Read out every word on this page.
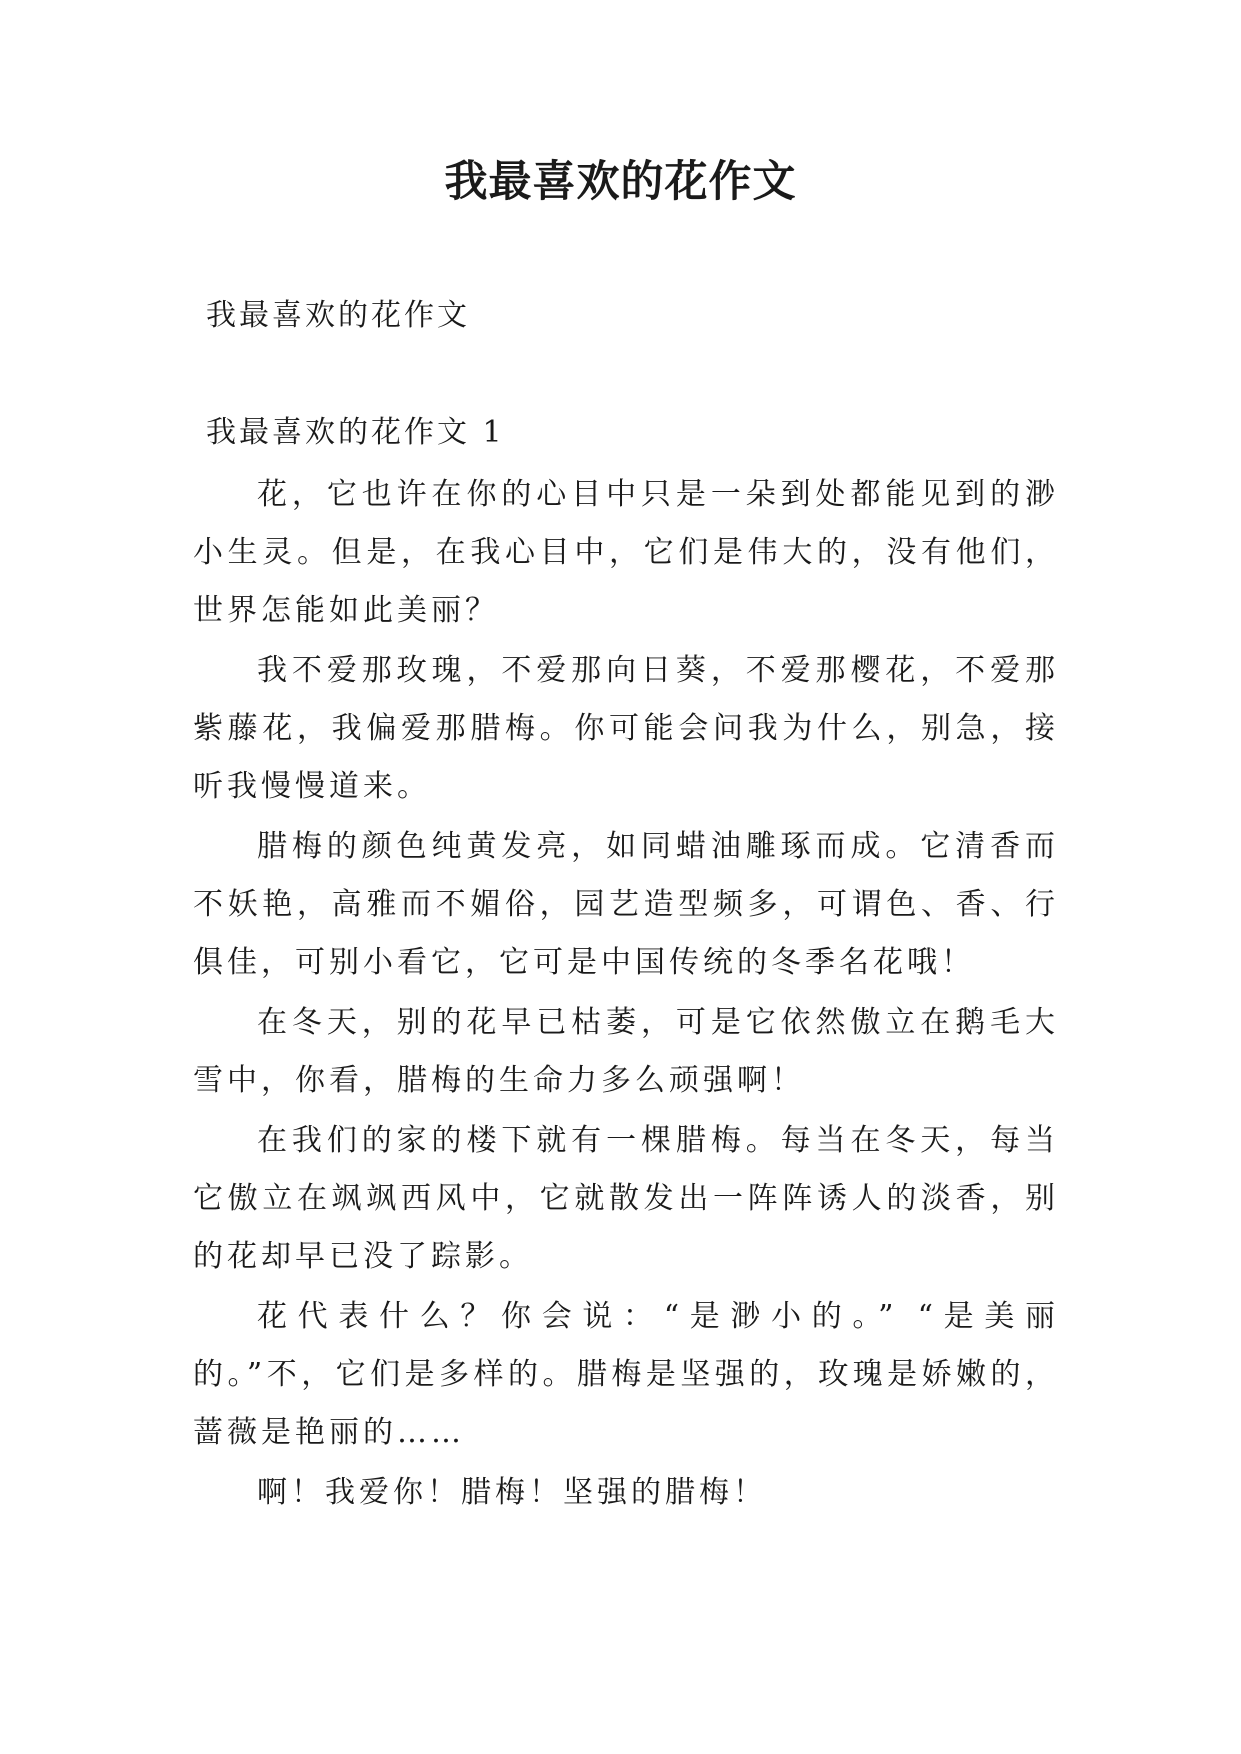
我最喜欢的花作文

我最喜欢的花作文

我最喜欢的花作文 1

花，它也许在你的心目中只是一朵到处都能见到的渺小生灵。但是，在我心目中，它们是伟大的，没有他们，世界怎能如此美丽？

我不爱那玫瑰，不爱那向日葵，不爱那樱花，不爱那紫藤花，我偏爱那腊梅。你可能会问我为什么，别急，接听我慢慢道来。

腊梅的颜色纯黄发亮，如同蜡油雕琢而成。它清香而不妖艳，高雅而不媚俗，园艺造型频多，可谓色、香、行俱佳，可别小看它，它可是中国传统的冬季名花哦！

在冬天，别的花早已枯萎，可是它依然傲立在鹅毛大雪中，你看，腊梅的生命力多么顽强啊！

在我们的家的楼下就有一棵腊梅。每当在冬天，每当它傲立在飒飒西风中，它就散发出一阵阵诱人的淡香，别的花却早已没了踪影。

花代表什么？你会说：“是渺小的。” “是美丽的。”不，它们是多样的。腊梅是坚强的，玫瑰是娇嫩的，蔷薇是艳丽的……

啊！我爱你！腊梅！坚强的腊梅！
